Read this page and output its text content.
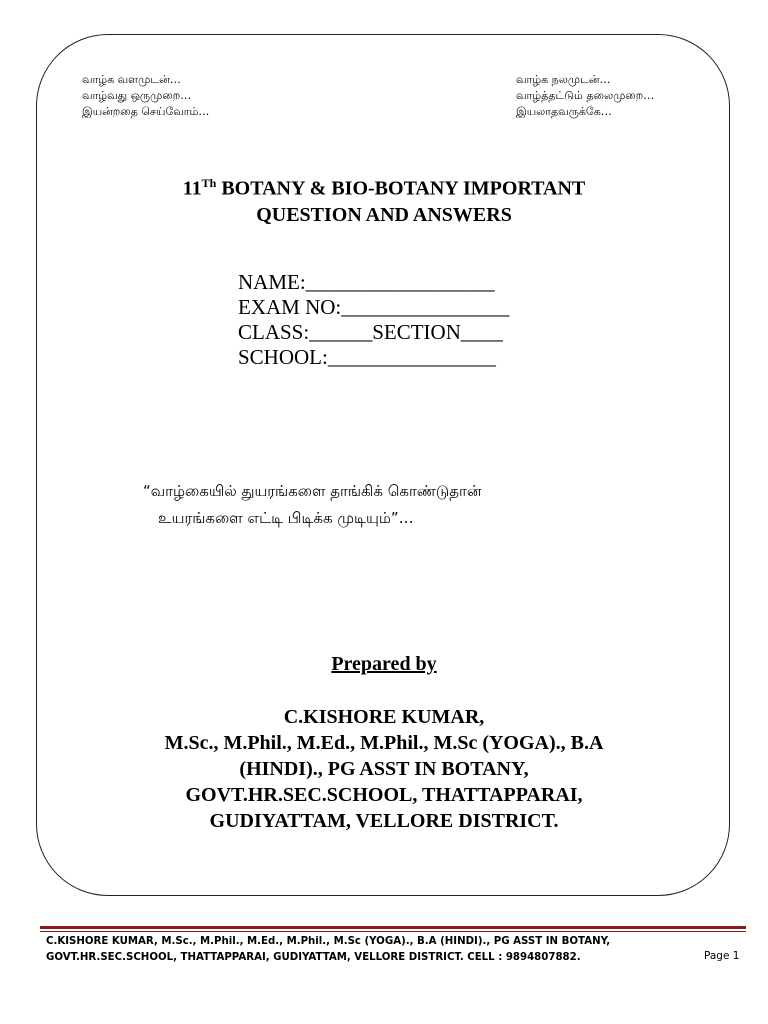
வாழ்க வளமுடன்…
வாழ்வது ஒருமுறை…
இயன்றதை செய்வோம்…
வாழ்க நலமுடன்…
வாழ்த்தட்டும் தலைமுறை…
இயலாதவருக்கே…
11Th BOTANY & BIO-BOTANY IMPORTANT
QUESTION AND ANSWERS
NAME:__________________
EXAM NO:________________
CLASS:______SECTION____
SCHOOL:________________
“வாழ்கையில் துயரங்களை தாங்கிக் கொண்டுதான்
உயரங்களை எட்டி பிடிக்க முடியும்”…
Prepared by
C.KISHORE KUMAR,
M.Sc., M.Phil., M.Ed., M.Phil., M.Sc (YOGA)., B.A
(HINDI)., PG ASST IN BOTANY,
GOVT.HR.SEC.SCHOOL, THATTAPPARAI,
GUDIYATTAM, VELLORE DISTRICT.
C.KISHORE KUMAR, M.Sc., M.Phil., M.Ed., M.Phil., M.Sc (YOGA)., B.A (HINDI)., PG ASST IN BOTANY,
GOVT.HR.SEC.SCHOOL, THATTAPPARAI, GUDIYATTAM, VELLORE DISTRICT. CELL : 9894807882.	Page 1
